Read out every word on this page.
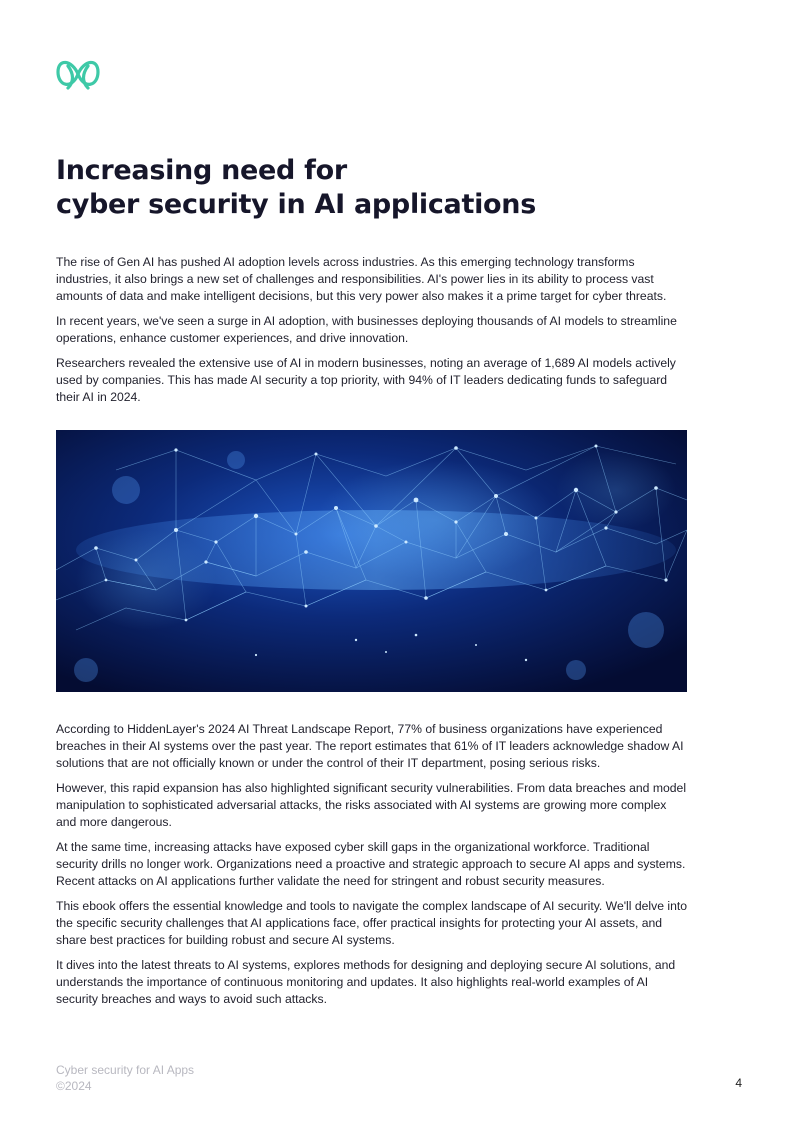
Increasing need for
cyber security in AI applications

The rise of Gen AI has pushed AI adoption levels across industries. As this emerging technology transforms industries, it also brings a new set of challenges and responsibilities. AI's power lies in its ability to process vast amounts of data and make intelligent decisions, but this very power also makes it a prime target for cyber threats.

In recent years, we've seen a surge in AI adoption, with businesses deploying thousands of AI models to streamline operations, enhance customer experiences, and drive innovation.

Researchers revealed the extensive use of AI in modern businesses, noting an average of 1,689 AI models actively used by companies. This has made AI security a top priority, with 94% of IT leaders dedicating funds to safeguard their AI in 2024.

According to HiddenLayer's 2024 AI Threat Landscape Report, 77% of business organizations have experienced breaches in their AI systems over the past year. The report estimates that 61% of IT leaders acknowledge shadow AI solutions that are not officially known or under the control of their IT department, posing serious risks.

However, this rapid expansion has also highlighted significant security vulnerabilities. From data breaches and model manipulation to sophisticated adversarial attacks, the risks associated with AI systems are growing more complex and more dangerous.

At the same time, increasing attacks have exposed cyber skill gaps in the organizational workforce. Traditional security drills no longer work. Organizations need a proactive and strategic approach to secure AI apps and systems. Recent attacks on AI applications further validate the need for stringent and robust security measures.

This ebook offers the essential knowledge and tools to navigate the complex landscape of AI security. We'll delve into the specific security challenges that AI applications face, offer practical insights for protecting your AI assets, and share best practices for building robust and secure AI systems.

It dives into the latest threats to AI systems, explores methods for designing and deploying secure AI solutions, and understands the importance of continuous monitoring and updates. It also highlights real-world examples of AI security breaches and ways to avoid such attacks.

Cyber security for AI Apps
©2024	4
